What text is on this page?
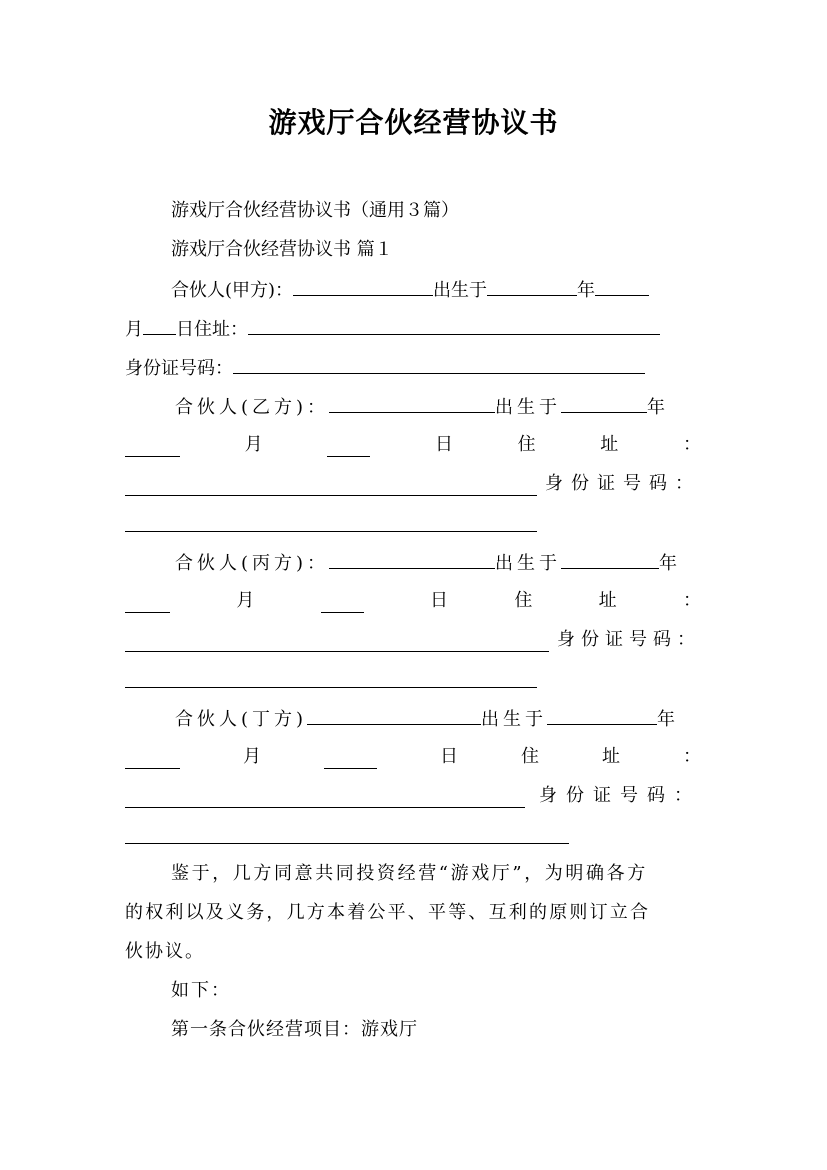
游戏厅合伙经营协议书
游戏厅合伙经营协议书（通用３篇）
游戏厅合伙经营协议书 篇１
合伙人(甲方)：	出生于	年
月 日住址：
身份证号码：
合伙人(乙方)：	出生于	年
月	日	住	址	：
身份证号码：
合伙人(丙方)：	出生于	年
月	日	住	址	：
身份证号码：
合伙人(丁方)	出生于	年
月	日	住	址	：
身份证号码：
鉴于，几方同意共同投资经营“游戏厅”，为明确各方
的权利以及义务，几方本着公平、平等、互利的原则订立合
伙协议。
如下：
第一条合伙经营项目：游戏厅
